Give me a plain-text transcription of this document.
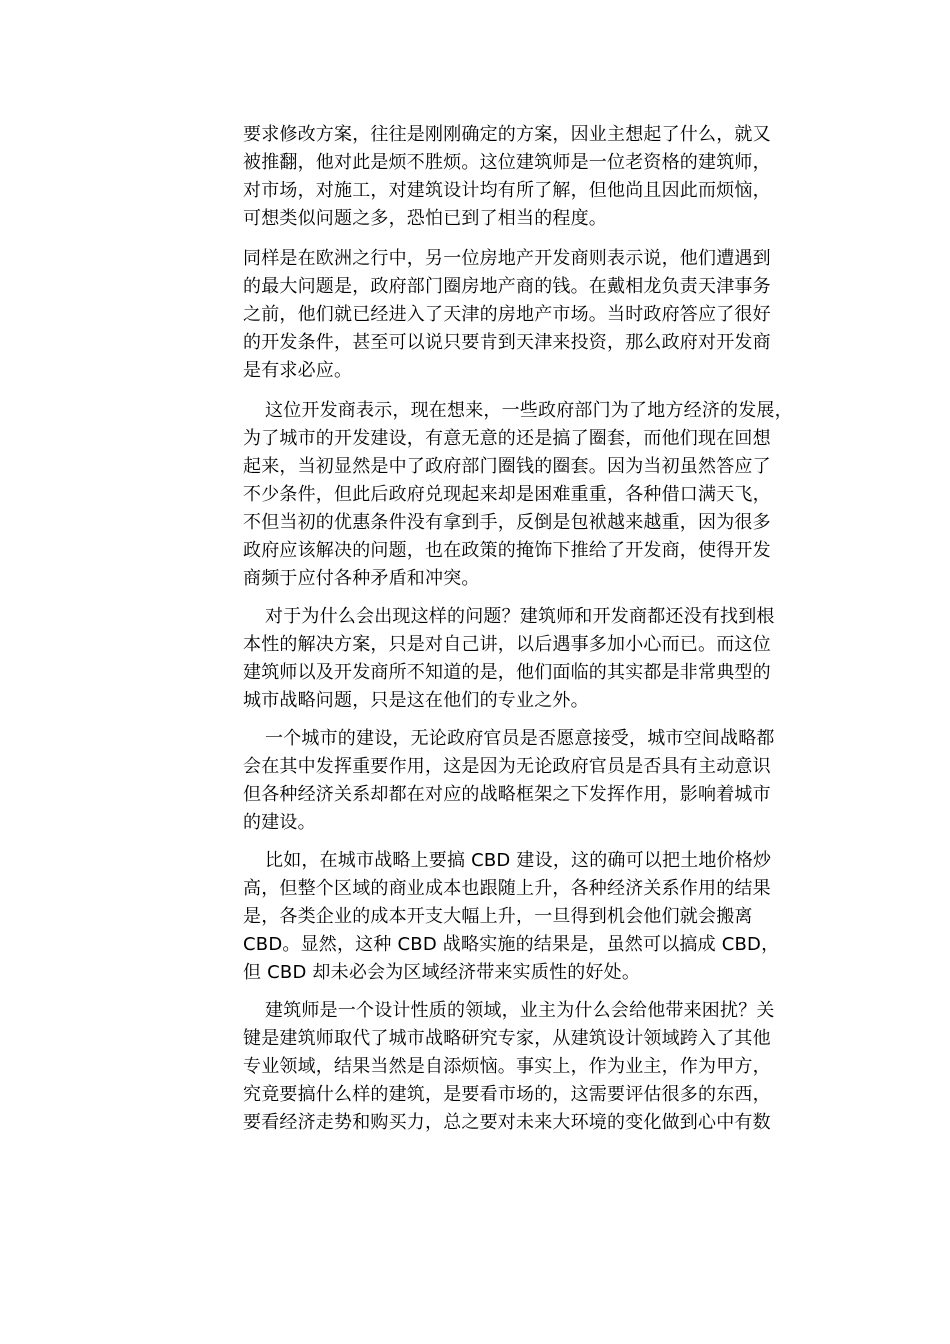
要求修改方案，往往是刚刚确定的方案，因业主想起了什么，就又
被推翻，他对此是烦不胜烦。这位建筑师是一位老资格的建筑师，
对市场，对施工，对建筑设计均有所了解，但他尚且因此而烦恼，
可想类似问题之多，恐怕已到了相当的程度。
同样是在欧洲之行中，另一位房地产开发商则表示说，他们遭遇到
的最大问题是，政府部门圈房地产商的钱。在戴相龙负责天津事务
之前，他们就已经进入了天津的房地产市场。当时政府答应了很好
的开发条件，甚至可以说只要肯到天津来投资，那么政府对开发商
是有求必应。
这位开发商表示，现在想来，一些政府部门为了地方经济的发展，
为了城市的开发建设，有意无意的还是搞了圈套，而他们现在回想
起来，当初显然是中了政府部门圈钱的圈套。因为当初虽然答应了
不少条件，但此后政府兑现起来却是困难重重，各种借口满天飞，
不但当初的优惠条件没有拿到手，反倒是包袱越来越重，因为很多
政府应该解决的问题，也在政策的掩饰下推给了开发商，使得开发
商频于应付各种矛盾和冲突。
对于为什么会出现这样的问题？建筑师和开发商都还没有找到根
本性的解决方案，只是对自己讲，以后遇事多加小心而已。而这位
建筑师以及开发商所不知道的是，他们面临的其实都是非常典型的
城市战略问题，只是这在他们的专业之外。
一个城市的建设，无论政府官员是否愿意接受，城市空间战略都
会在其中发挥重要作用，这是因为无论政府官员是否具有主动意识
但各种经济关系却都在对应的战略框架之下发挥作用，影响着城市
的建设。
比如，在城市战略上要搞 CBD 建设，这的确可以把土地价格炒
高，但整个区域的商业成本也跟随上升，各种经济关系作用的结果
是，各类企业的成本开支大幅上升，一旦得到机会他们就会搬离
CBD。显然，这种 CBD 战略实施的结果是，虽然可以搞成 CBD，
但 CBD 却未必会为区域经济带来实质性的好处。
建筑师是一个设计性质的领域，业主为什么会给他带来困扰？关
键是建筑师取代了城市战略研究专家，从建筑设计领域跨入了其他
专业领域，结果当然是自添烦恼。事实上，作为业主，作为甲方，
究竟要搞什么样的建筑，是要看市场的，这需要评估很多的东西，
要看经济走势和购买力，总之要对未来大环境的变化做到心中有数
